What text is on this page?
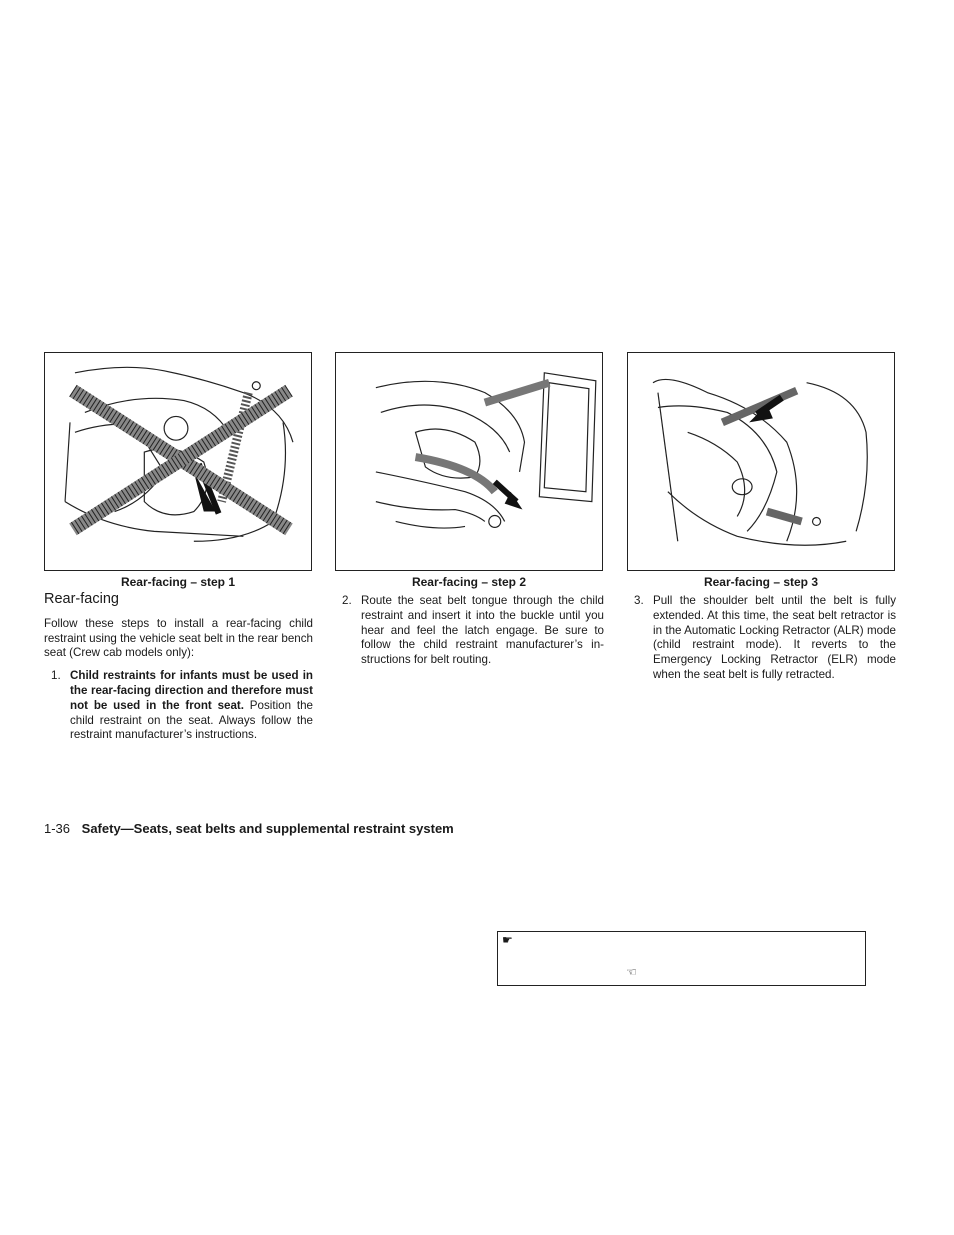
Rear-facing – step 1	Rear-facing – step 2	Rear-facing – step 3
Rear-facing
Follow these steps to install a rear-facing child restraint using the vehicle seat belt in the rear bench seat (Crew cab models only):
1. Child restraints for infants must be used in the rear-facing direction and therefore must not be used in the front seat. Position the child restraint on the seat. Always follow the restraint manufacturer’s instructions.
2. Route the seat belt tongue through the child restraint and insert it into the buckle until you hear and feel the latch engage. Be sure to follow the child restraint manufacturer’s in- structions for belt routing.
3. Pull the shoulder belt until the belt is fully extended. At this time, the seat belt retractor is in the Automatic Locking Retractor (ALR) mode (child restraint mode). It reverts to the Emergency Locking Retractor (ELR) mode when the seat belt is fully retracted.
1-36 Safety—Seats, seat belts and supplemental restraint system
☛
☜
